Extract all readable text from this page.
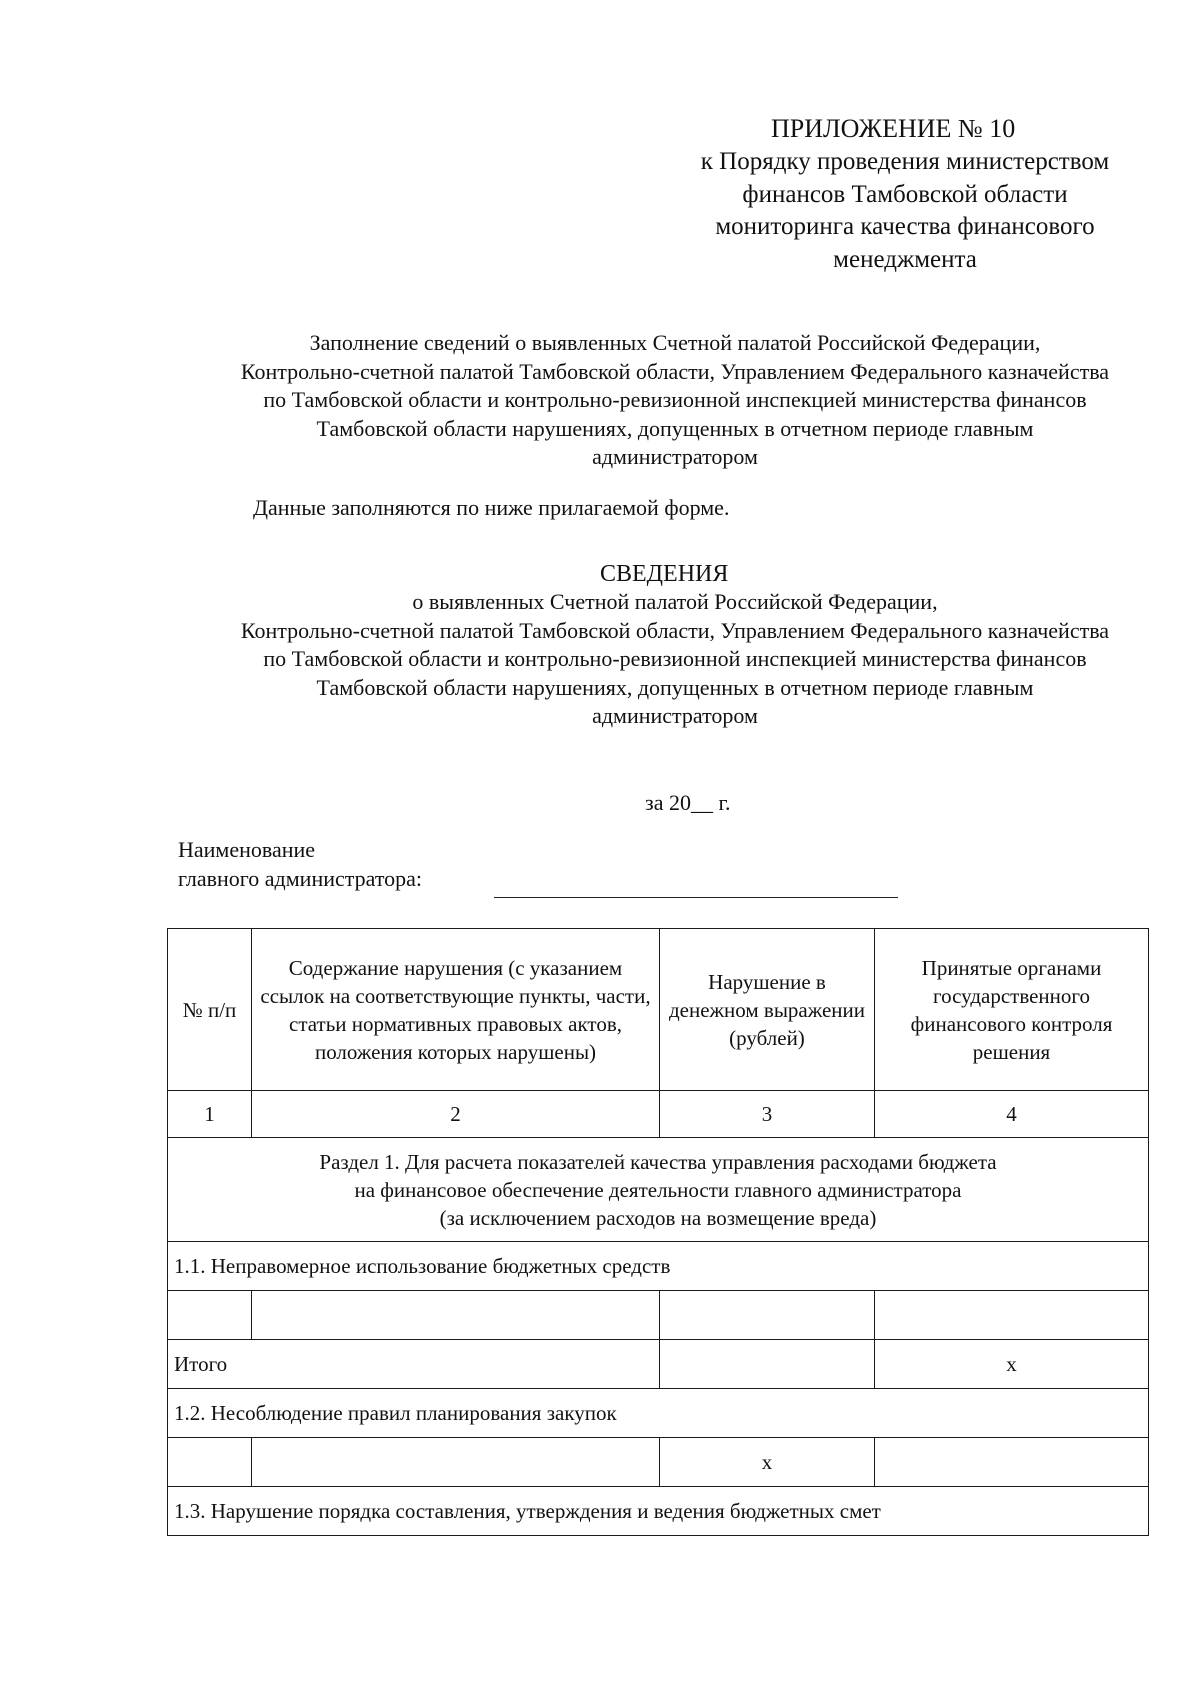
ПРИЛОЖЕНИЕ № 10
к Порядку проведения министерством
финансов Тамбовской области
мониторинга качества финансового
менеджмента
Заполнение сведений о выявленных Счетной палатой Российской Федерации,
Контрольно-счетной палатой Тамбовской области, Управлением Федерального казначейства
по Тамбовской области и контрольно-ревизионной инспекцией министерства финансов
Тамбовской области нарушениях, допущенных в отчетном периоде главным
администратором
Данные заполняются по ниже прилагаемой форме.
СВЕДЕНИЯ
о выявленных Счетной палатой Российской Федерации,
Контрольно-счетной палатой Тамбовской области, Управлением Федерального казначейства
по Тамбовской области и контрольно-ревизионной инспекцией министерства финансов
Тамбовской области нарушениях, допущенных в отчетном периоде главным
администратором
за 20__ г.
Наименование
главного администратора:
№ п/п	Содержание нарушения (с указанием ссылок на соответствующие пункты, части, статьи нормативных правовых актов, положения которых нарушены)	Нарушение в денежном выражении (рублей)	Принятые органами государственного финансового контроля решения
1	2	3	4

Раздел 1. Для расчета показателей качества управления расходами бюджета
на финансовое обеспечение деятельности главного администратора
(за исключением расходов на возмещение вреда)			

1.1. Неправомерное использование бюджетных средств			

Итого			x
1.2. Несоблюдение правил планирования закупок			
		x	
1.3. Нарушение порядка составления, утверждения и ведения бюджетных смет			
